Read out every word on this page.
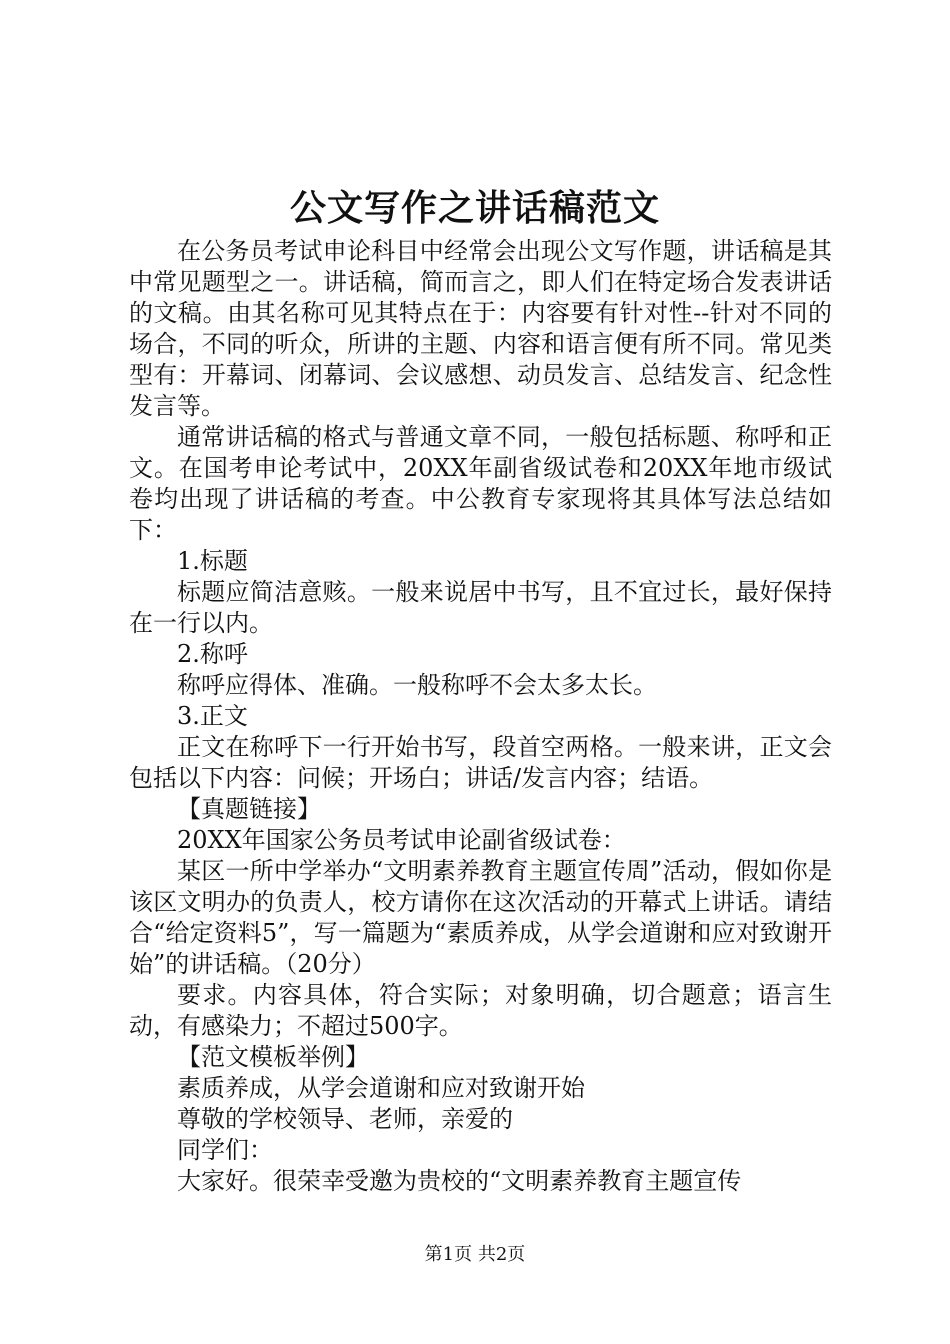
公文写作之讲话稿范文

在公务员考试申论科目中经常会出现公文写作题，讲话稿是其中常见题型之一。讲话稿，简而言之，即人们在特定场合发表讲话的文稿。由其名称可见其特点在于：内容要有针对性--针对不同的场合，不同的听众，所讲的主题、内容和语言便有所不同。常见类型有：开幕词、闭幕词、会议感想、动员发言、总结发言、纪念性发言等。

通常讲话稿的格式与普通文章不同，一般包括标题、称呼和正文。在国考申论考试中，20XX年副省级试卷和20XX年地市级试卷均出现了讲话稿的考查。中公教育专家现将其具体写法总结如下：

1.标题

标题应简洁意赅。一般来说居中书写，且不宜过长，最好保持在一行以内。

2.称呼

称呼应得体、准确。一般称呼不会太多太长。

3.正文

正文在称呼下一行开始书写，段首空两格。一般来讲，正文会包括以下内容：问候；开场白；讲话/发言内容；结语。

【真题链接】

20XX年国家公务员考试申论副省级试卷：

某区一所中学举办“文明素养教育主题宣传周”活动，假如你是该区文明办的负责人，校方请你在这次活动的开幕式上讲话。请结合“给定资料5”，写一篇题为“素质养成，从学会道谢和应对致谢开始”的讲话稿。（20分）

要求。内容具体，符合实际；对象明确，切合题意；语言生动，有感染力；不超过500字。

【范文模板举例】

素质养成，从学会道谢和应对致谢开始

尊敬的学校领导、老师，亲爱的

同学们：

大家好。很荣幸受邀为贵校的“文明素养教育主题宣传

第1页 共2页
